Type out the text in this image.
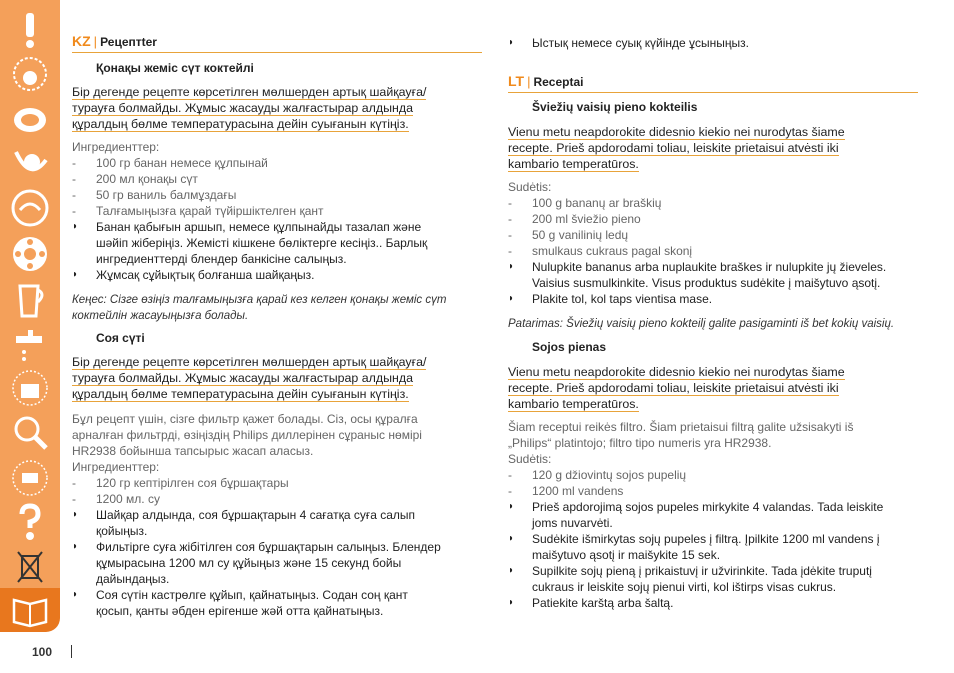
100
KZ | Рецептter
Қонақы жеміс сүт коктейлі
Бір дегенде рецепте көрсетілген мөлшерден артық шайқауға/
турауға болмайды. Жұмыс жасауды жалғастырар алдында
құралдың бөлме температурасына дейін суығанын күтіңіз.
Ингредиенттер:
- 100 гр банан немесе құлпынай
- 200 мл қонақы сүт
- 50 гр ваниль балмұздағы
- Талғамыңызға қарай түйіршіктелген қант
◗	Банан қабығын аршып, немесе құлпынайды тазалап және
шәйіп жіберіңіз. Жемісті кішкене бөліктерге кесіңіз.. Барлық
ингредиенттерді блендер банкісіне салыңыз.
◗	Жұмсақ сұйықтық болғанша шайқаңыз.
Кеңес: Сізге өзіңіз талғамыңызға қарай кез келген қонақы жеміс сүт
коктейлін жасауыңызға болады.
Соя сүті
Бір дегенде рецепте көрсетілген мөлшерден артық шайқауға/
турауға болмайды. Жұмыс жасауды жалғастырар алдында
құралдың бөлме температурасына дейін суығанын күтіңіз.
Бұл рецепт үшін, сізге фильтр қажет болады. Сіз, осы құралға
арналған фильтрді, өзіңіздің Philips диллерінен сұраныс нөмірі
HR2938 бойынша тапсырыс жасап аласыз.
Ингредиенттер:
- 120 гр кептірілген соя бұршақтары
- 1200 мл. су
◗	Шайқар алдында, соя бұршақтарын 4 сағатқа суға салып
қойыңыз.
◗	Фильтірге суға жібітілген соя бұршақтарын салыңыз. Блендер
құмырасына 1200 мл су құйыңыз және 15 секунд бойы
дайындаңыз.
◗	Соя сүтін кастрөлге құйып, қайнатыңыз. Содан соң қант
қосып, қанты әбден ерігенше жәй отта қайнатыңыз.
◗	Ыстық немесе суық күйінде ұсыныңыз.
LT | Receptai
Šviežių vaisių pieno kokteilis
Vienu metu neapdorokite didesnio kiekio nei nurodytas šiame
recepte. Prieš apdorodami toliau, leiskite prietaisui atvėsti iki
kambario temperatūros.
Sudėtis:
- 100 g bananų ar braškių
- 200 ml šviežio pieno
- 50 g vanilinių ledų
- smulkaus cukraus pagal skonį
◗	Nulupkite bananus arba nuplaukite braškes ir nulupkite jų žieveles.
Vaisius susmulkinkite. Visus produktus sudėkite į maišytuvo ąsotį.
◗	Plakite tol, kol taps vientisa mase.
Patarimas: Šviežių vaisių pieno kokteilį galite pasigaminti iš bet kokių vaisių.
Sojos pienas
Vienu metu neapdorokite didesnio kiekio nei nurodytas šiame
recepte. Prieš apdorodami toliau, leiskite prietaisui atvėsti iki
kambario temperatūros.
Šiam receptui reikės filtro. Šiam prietaisui filtrą galite užsisakyti iš
„Philips“ platintojo; filtro tipo numeris yra HR2938.
Sudėtis:
- 120 g džiovintų sojos pupelių
- 1200 ml vandens
◗	Prieš apdorojimą sojos pupeles mirkykite 4 valandas. Tada leiskite
joms nuvarvėti.
◗	Sudėkite išmirkytas sojų pupeles į filtrą. Įpilkite 1200 ml vandens į
maišytuvo ąsotį ir maišykite 15 sek.
◗	Supilkite sojų pieną į prikaistuvį ir užvirinkite. Tada įdėkite truputį
cukraus ir leiskite sojų pienui virti, kol ištirps visas cukrus.
◗	Patiekite karštą arba šaltą.
